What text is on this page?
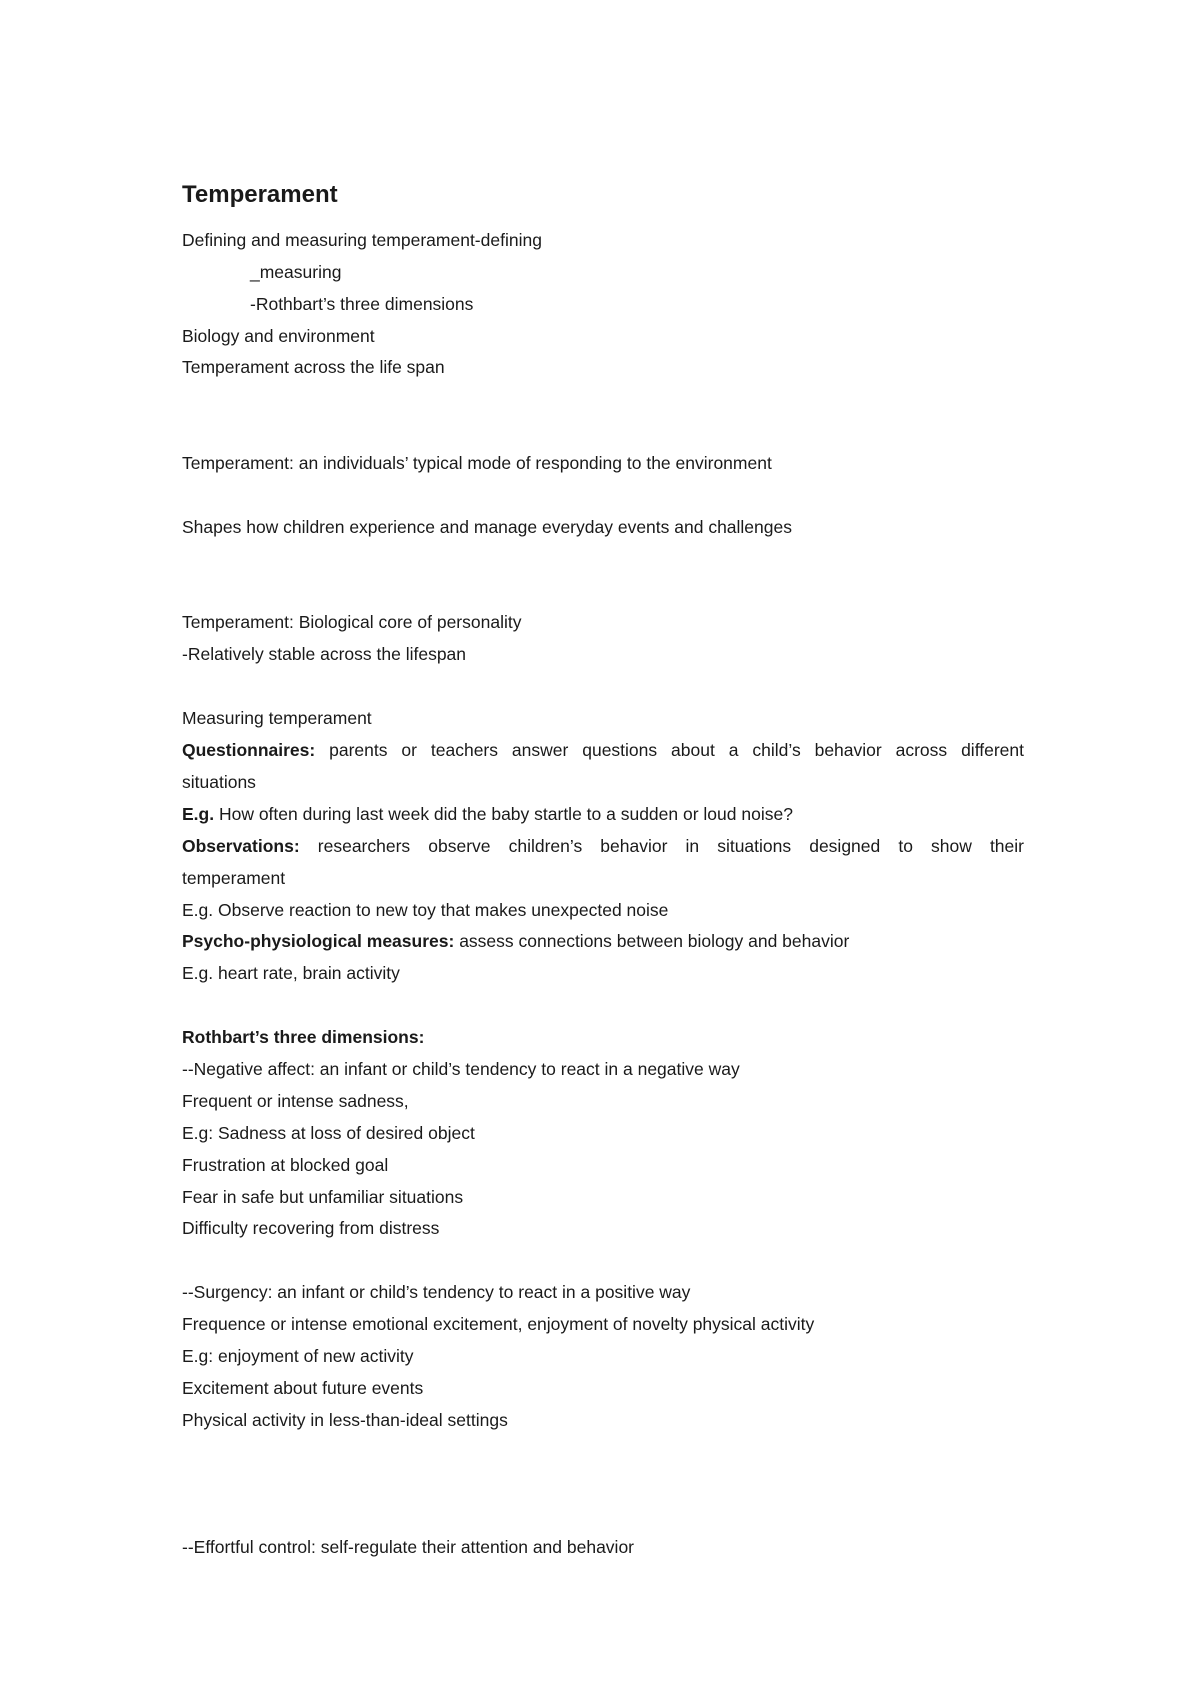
Temperament
Defining and measuring temperament-defining
_measuring
-Rothbart’s three dimensions
Biology and environment
Temperament across the life span
Temperament: an individuals’ typical mode of responding to the environment
Shapes how children experience and manage everyday events and challenges
Temperament: Biological core of personality
-Relatively stable across the lifespan
Measuring temperament
Questionnaires: parents or teachers answer questions about a child’s behavior across different
situations
E.g. How often during last week did the baby startle to a sudden or loud noise?
Observations: researchers observe children’s behavior in situations designed to show their
temperament
E.g. Observe reaction to new toy that makes unexpected noise
Psycho-physiological measures: assess connections between biology and behavior
E.g. heart rate, brain activity
Rothbart’s three dimensions:
--Negative affect: an infant or child’s tendency to react in a negative way
Frequent or intense sadness,
E.g: Sadness at loss of desired object
Frustration at blocked goal
Fear in safe but unfamiliar situations
Difficulty recovering from distress
--Surgency: an infant or child’s tendency to react in a positive way
Frequence or intense emotional excitement, enjoyment of novelty physical activity
E.g: enjoyment of new activity
Excitement about future events
Physical activity in less-than-ideal settings
--Effortful control: self-regulate their attention and behavior
